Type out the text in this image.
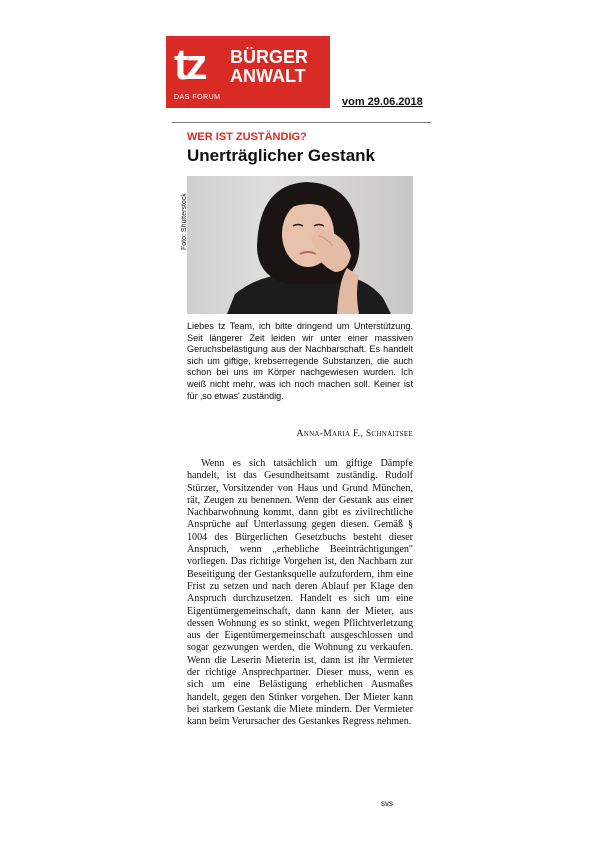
tz BÜRGER
ANWALT
DAS FORUM	vom 29.06.2018
WER IST ZUSTÄNDIG?
Unerträglicher Gestank
Foto: Shutterstock
Liebes tz Team, ich bitte dringend um Unterstützung. Seit längerer Zeit leiden wir unter einer massiven Geruchsbelästigung aus der Nachbarschaft. Es handelt sich um giftige, krebserregende Substanzen, die auch schon bei uns im Körper nachgewiesen wurden. Ich weiß nicht mehr, was ich noch machen soll. Keiner ist für ‚so etwas' zuständig.
Anna-Maria F., Schnaitsee

Wenn es sich tatsächlich um giftige Dämpfe handelt, ist das Gesundheitsamt zuständig. Rudolf Stürzer, Vorsitzender von Haus und Grund München, rät, Zeugen zu benennen. Wenn der Gestank aus einer Nachbarwohnung kommt, dann gibt es zivilrechtliche Ansprüche auf Unterlassung gegen diesen. Gemäß § 1004 des Bürgerlichen Gesetzbuchs besteht dieser Anspruch, wenn „erhebliche Beeinträchtigungen" vorliegen. Das richtige Vorgehen ist, den Nachbarn zur Beseitigung der Gestanksquelle aufzufordern, ihm eine Frist zu setzen und nach deren Ablauf per Klage den Anspruch durchzusetzen. Handelt es sich um eine Eigentümergemeinschaft, dann kann der Mieter, aus dessen Wohnung es so stinkt, wegen Pflichtverletzung aus der Eigentümergemeinschaft ausgeschlossen und sogar gezwungen werden, die Wohnung zu verkaufen. Wenn die Leserin Mieterin ist, dann ist ihr Vermieter der richtige Ansprechpartner. Dieser muss, wenn es sich um eine Belästigung erheblichen Ausmaßes handelt, gegen den Stinker vorgehen. Der Mieter kann bei starkem Gestank die Miete mindern. Der Vermieter kann beim Verursacher des Gestankes Regress nehmen.

svs
